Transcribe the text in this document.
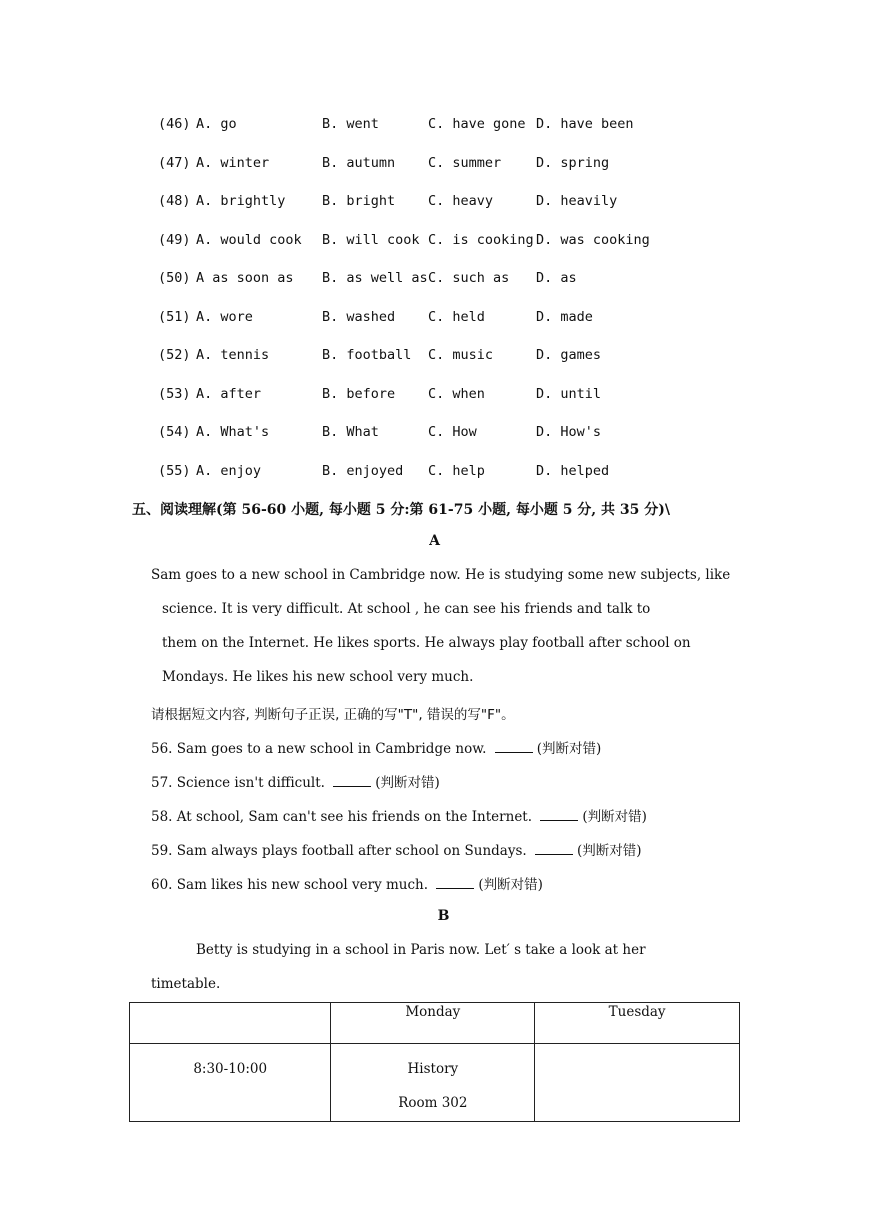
(46) A. go	B. went	C. have gone D. have been
(47) A. winter	B. autumn C. summer	D. spring
(48) A. brightly	B. bright C. heavy	D. heavily
(49) A. would cook B. will cook C. is cooking D. was cooking
(50) A as soon as B. as well as C. such as D. as
(51) A. wore	B. washed C. held	D. made
(52) A. tennis	B. football C. music	D. games
(53) A. after	B. before C. when	D. until
(54) A. What's	B. What	C. How	D. How's
(55) A. enjoy	B. enjoyed C. help	D. helped
五、阅读理解(第 56-60 小题, 每小题 5 分:第 61-75 小题, 每小题 5 分, 共 35 分)\
A
Sam goes to a new school in Cambridge now. He is studying some new subjects, like
science. It is very difficult. At school , he can see his friends and talk to
them on the Internet. He likes sports. He always play football after school on
Mondays. He likes his new school very much.
请根据短文内容, 判断句子正误, 正确的写"T", 错误的写"F"。
56. Sam goes to a new school in Cambridge now.	(判断对错)
57. Science isn't difficult.	(判断对错)
58. At school, Sam can't see his friends on the Internet.	(判断对错)
59. Sam always plays football after school on Sundays.	(判断对错)
60. Sam likes his new school very much.	(判断对错)
B
Betty is studying in a school in Paris now. Let′ s take a look at her
timetable.
	Monday	Tuesday
8:30-10:00	History
Room 302	
